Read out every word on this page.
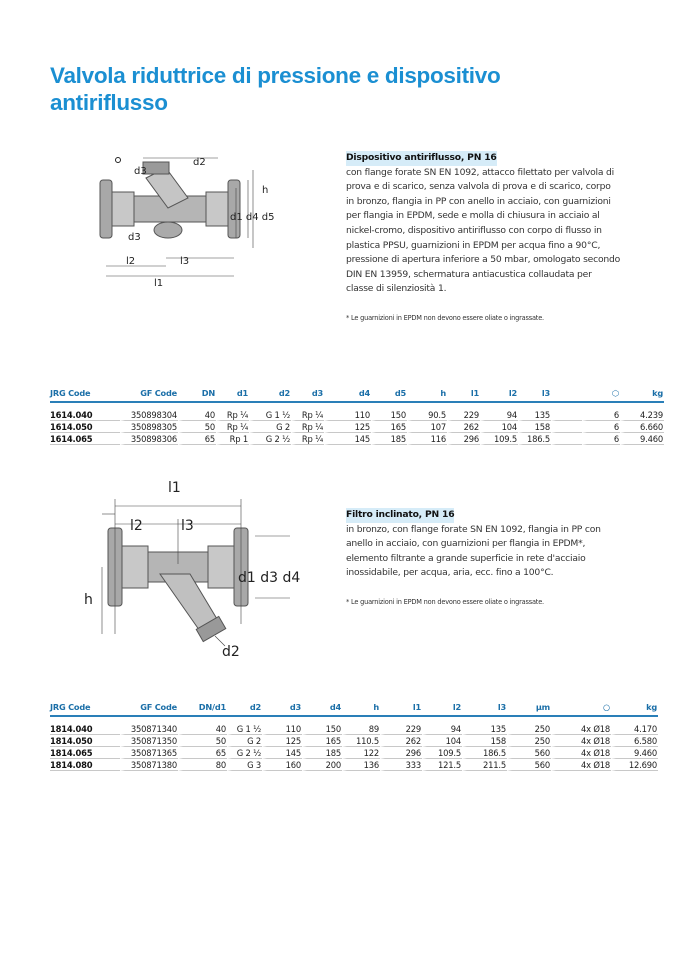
Valvola riduttrice di pressione e dispositivo
antiriflusso
d2
d3
h
d1 d4 d5
d3
l2	l3
l1
Dispositivo antiriflusso, PN 16

con flange forate SN EN 1092, attacco filettato per valvola di prova e di scarico, senza valvola di prova e di scarico, corpo in bronzo, flangia in PP con anello in acciaio, con guarnizioni per flangia in EPDM, sede e molla di chiusura in acciaio al nickel-cromo, dispositivo antiriflusso con corpo di flusso in plastica PPSU, guarnizioni in EPDM per acqua fino a 90°C, pressione di apertura inferiore a 50 mbar, omologato secondo DIN EN 13959, schermatura antiacustica collaudata per classe di silenziosità 1.

* Le guarnizioni in EPDM non devono essere oliate o ingrassate.

JRG Code	GF Code	DN	d1	d2	d3	d4	d5	h	l1	l2	l3		⬡	kg

1614.040	350898304	40	Rp ¼	G 1 ½	Rp ¼	110	150	90.5	229	94	135		6	4.239
1614.050	350898305	50	Rp ¼	G 2	Rp ¼	125	165	107	262	104	158		6	6.660
1614.065	350898306	65	Rp 1	G 2 ½	Rp ¼	145	185	116	296	109.5	186.5		6	9.460
l1
l2	l3
h
d1 d3 d4
d2
Filtro inclinato, PN 16

in bronzo, con flange forate SN EN 1092, flangia in PP con anello in acciaio, con guarnizioni per flangia in EPDM*, elemento filtrante a grande superficie in rete d'acciaio inossidabile, per acqua, aria, ecc. fino a 100°C.

* Le guarnizioni in EPDM non devono essere oliate o ingrassate.

JRG Code	GF Code	DN/d1	d2	d3	d4	h	l1	l2	l3	µm	○	kg

1814.040	350871340	40	G 1 ½	110	150	89	229	94	135	250	4x Ø18	4.170
1814.050	350871350	50	G 2	125	165	110.5	262	104	158	250	4x Ø18	6.580
1814.065	350871365	65	G 2 ½	145	185	122	296	109.5	186.5	560	4x Ø18	9.460
1814.080	350871380	80	G 3	160	200	136	333	121.5	211.5	560	4x Ø18	12.690
